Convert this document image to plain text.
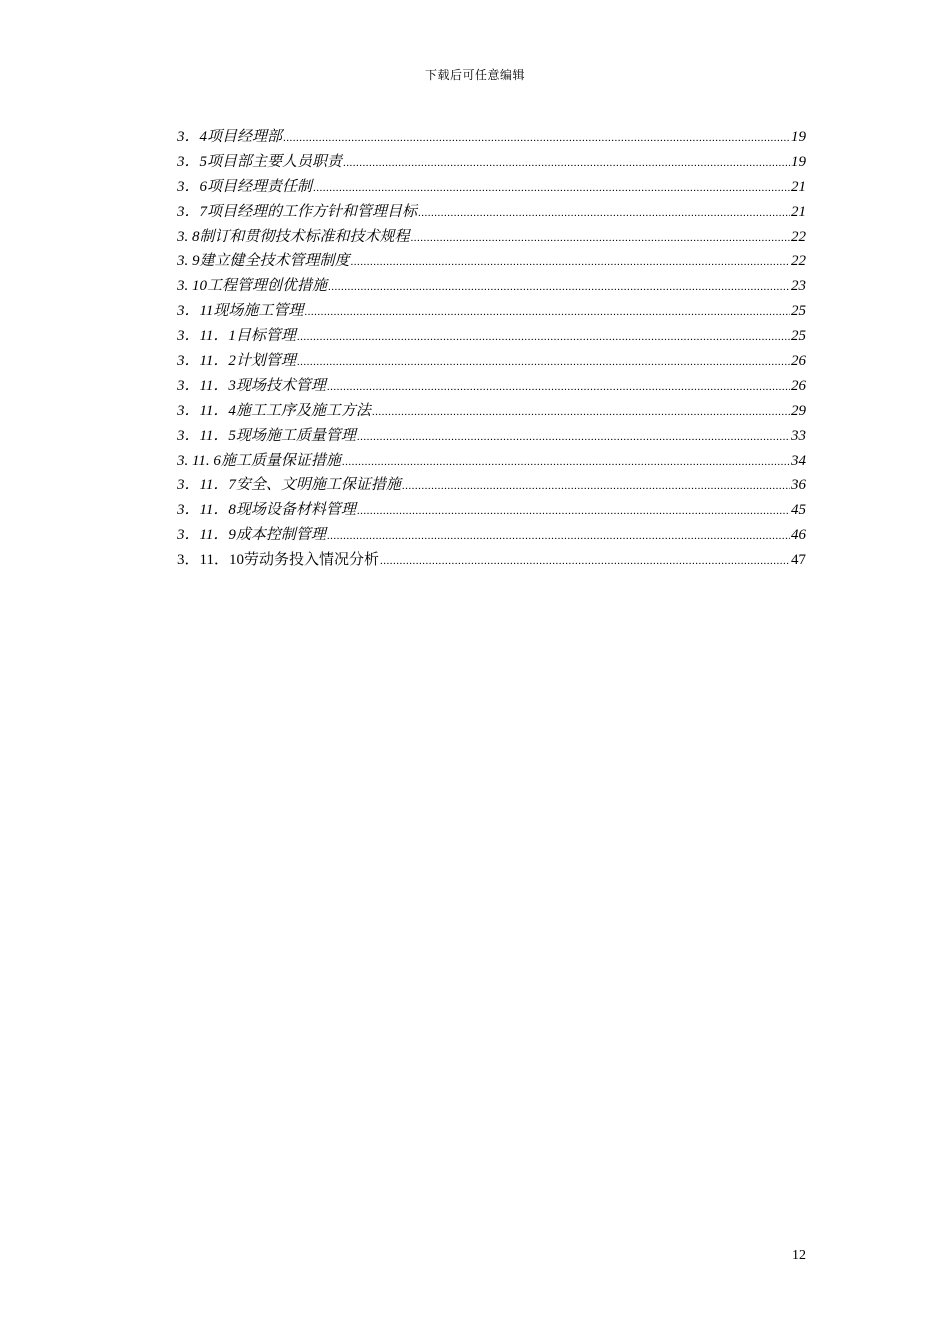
下载后可任意编辑
3．4项目经理部 .....	19
3．5项目部主要人员职责 .....	19
3．6项目经理责任制 .....	21
3．7项目经理的工作方针和管理目标 .....	21
3. 8制订和贯彻技术标准和技术规程 .....	22
3. 9建立健全技术管理制度 .....	22
3. 10工程管理创优措施 .....	23
3．11现场施工管理 .....	25
3．11．1目标管理 .....	25
3．11．2计划管理 .....	26
3．11．3现场技术管理 .....	26
3．11．4施工工序及施工方法 .....	29
3．11．5现场施工质量管理 .....	33
3. 11. 6施工质量保证措施 .....	34
3．11．7安全、文明施工保证措施 .....	36
3．11．8现场设备材料管理 .....	45
3．11．9成本控制管理 .....	46
3．11．10劳动务投入情况分析 .....	47
12
